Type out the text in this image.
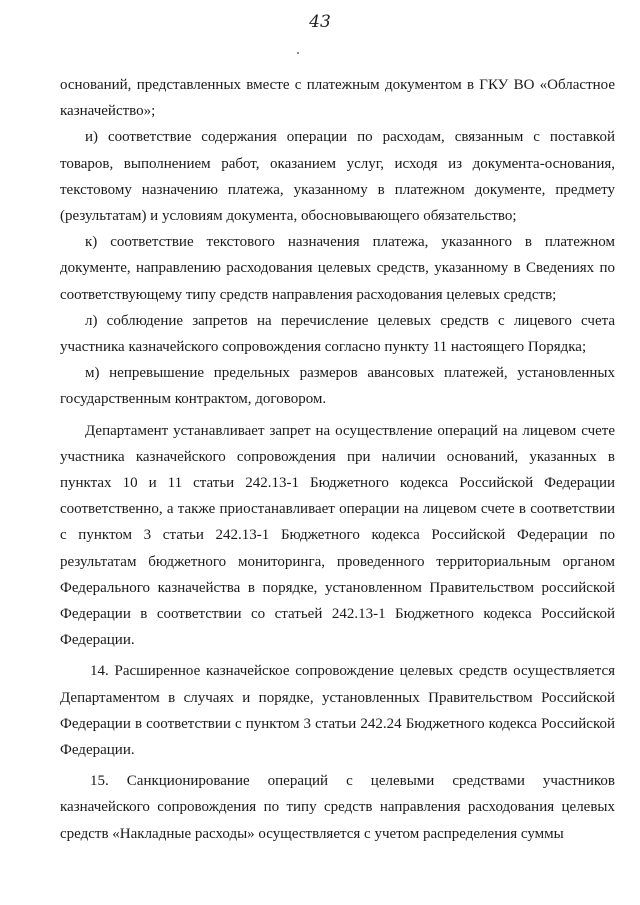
43

оснований, представленных вместе с платежным документом в ГКУ ВО «Областное казначейство»;

и) соответствие содержания операции по расходам, связанным с поставкой товаров, выполнением работ, оказанием услуг, исходя из документа-основания, текстовому назначению платежа, указанному в платежном документе, предмету (результатам) и условиям документа, обосновывающего обязательство;

к) соответствие текстового назначения платежа, указанного в платежном документе, направлению расходования целевых средств, указанному в Сведениях по соответствующему типу средств направления расходования целевых средств;

л) соблюдение запретов на перечисление целевых средств с лицевого счета участника казначейского сопровождения согласно пункту 11 настоящего Порядка;

м) непревышение предельных размеров авансовых платежей, установленных государственным контрактом, договором.

Департамент устанавливает запрет на осуществление операций на лицевом счете участника казначейского сопровождения при наличии оснований, указанных в пунктах 10 и 11 статьи 242.13-1 Бюджетного кодекса Российской Федерации соответственно, а также приостанавливает операции на лицевом счете в соответствии с пунктом 3 статьи 242.13-1 Бюджетного кодекса Российской Федерации по результатам бюджетного мониторинга, проведенного территориальным органом Федерального казначейства в порядке, установленном Правительством российской Федерации в соответствии со статьей 242.13-1 Бюджетного кодекса Российской Федерации.

14. Расширенное казначейское сопровождение целевых средств осуществляется Департаментом в случаях и порядке, установленных Правительством Российской Федерации в соответствии с пунктом 3 статьи 242.24 Бюджетного кодекса Российской Федерации.

15. Санкционирование операций с целевыми средствами участников казначейского сопровождения по типу средств направления расходования целевых средств «Накладные расходы» осуществляется с учетом распределения суммы
